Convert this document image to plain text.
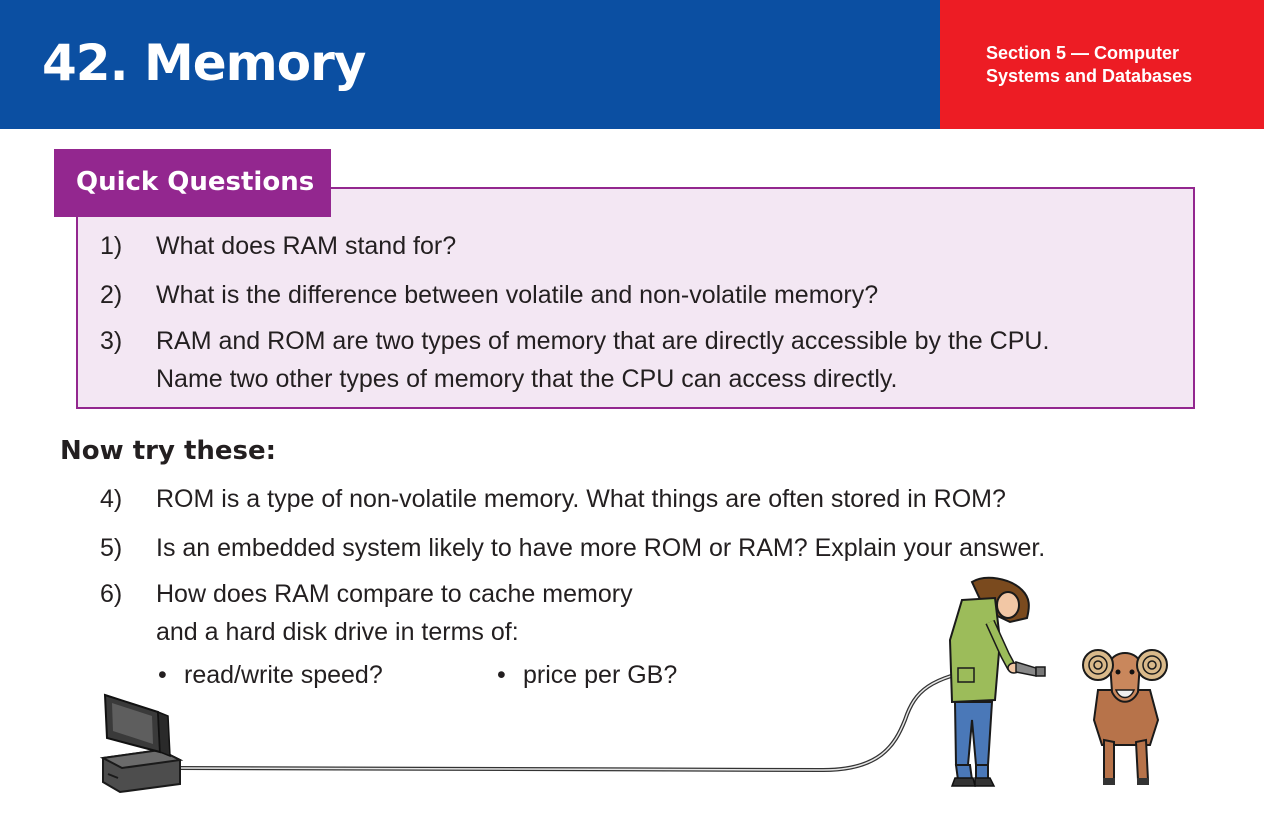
42. Memory	Section 5 — Computer
Systems and Databases
Quick Questions
1)	What does RAM stand for?
2)	What is the difference between volatile and non-volatile memory?
3)	RAM and ROM are two types of memory that are directly accessible by the CPU.
Name two other types of memory that the CPU can access directly.
Now try these:
4)	ROM is a type of non-volatile memory. What things are often stored in ROM?
5)	Is an embedded system likely to have more ROM or RAM? Explain your answer.
6)	How does RAM compare to cache memory
and a hard disk drive in terms of:
• read/write speed?	• price per GB?
